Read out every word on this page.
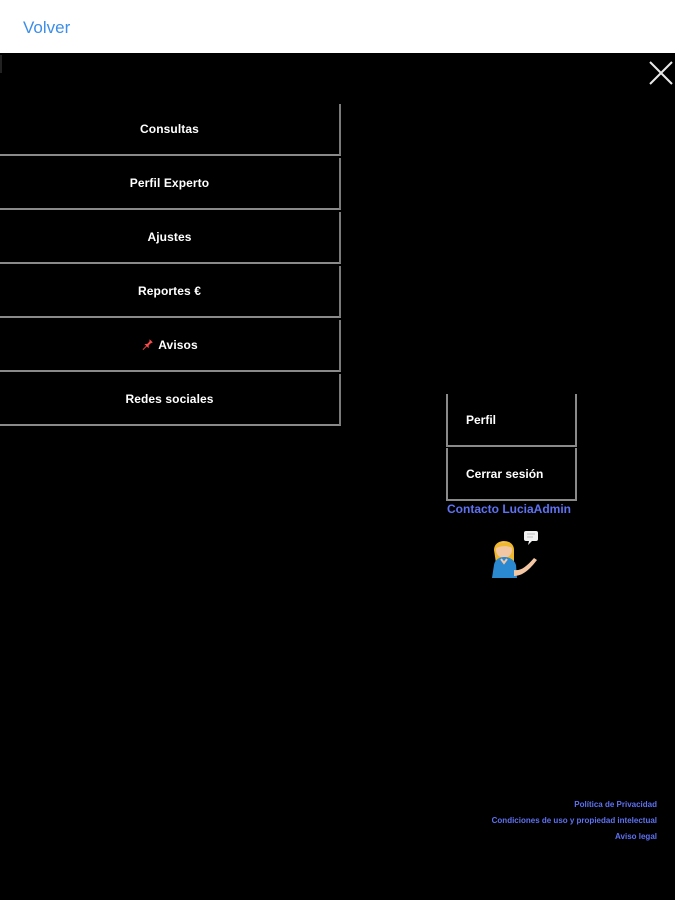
Volver
Consultas
Perfil Experto
Ajustes
Reportes €
Avisos
Redes sociales
Perfil
Cerrar sesión
Contacto LuciaAdmin
Política de Privacidad
Condiciones de uso y propiedad intelectual
Aviso legal
